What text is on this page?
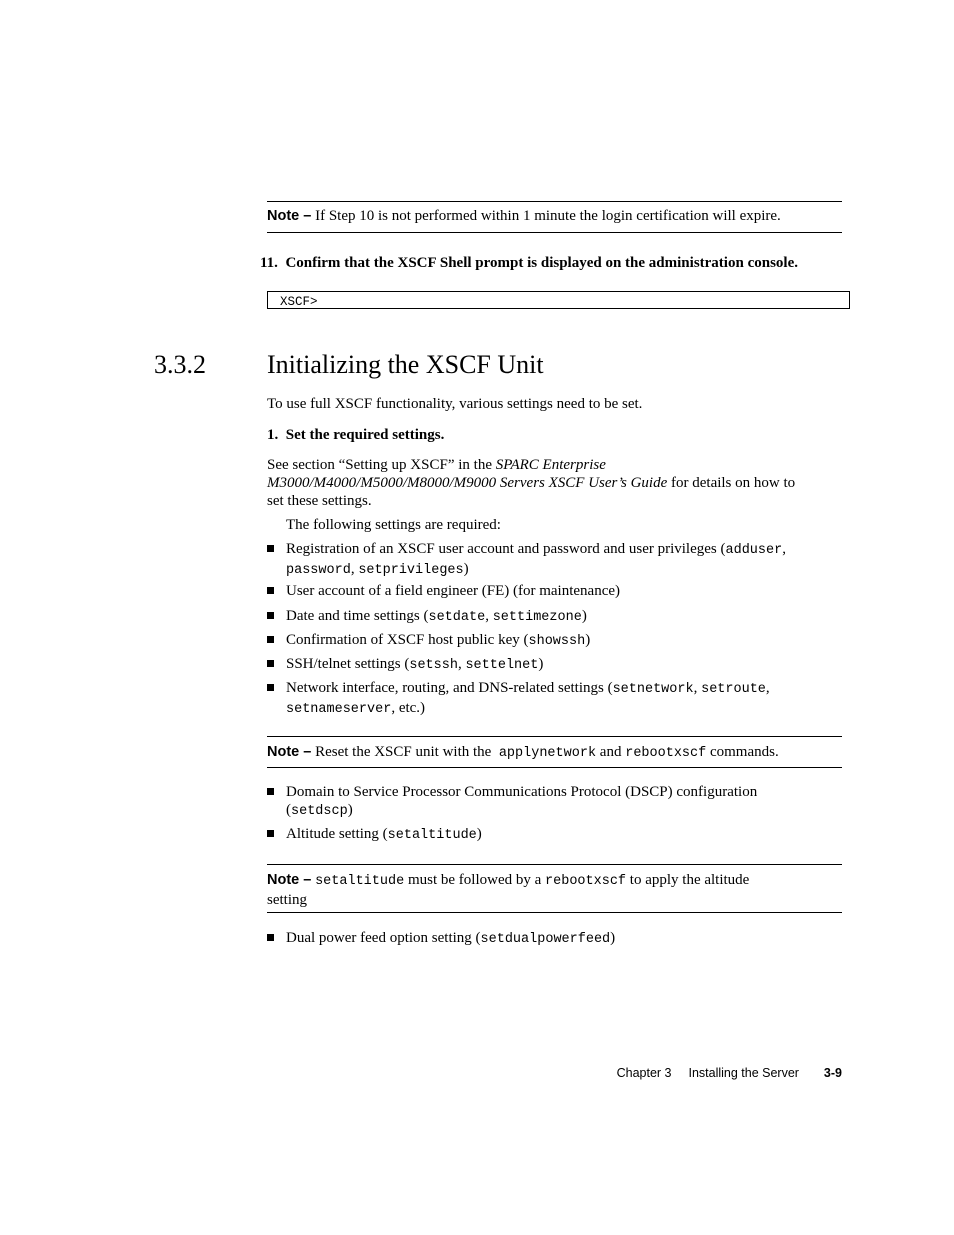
Note – If Step 10 is not performed within 1 minute the login certification will expire.
11. Confirm that the XSCF Shell prompt is displayed on the administration console.
XSCF>
3.3.2 Initializing the XSCF Unit
To use full XSCF functionality, various settings need to be set.
1. Set the required settings.
See section “Setting up XSCF” in the SPARC Enterprise
M3000/M4000/M5000/M8000/M9000 Servers XSCF User’s Guide for details on how to
set these settings.
The following settings are required:
Registration of an XSCF user account and password and user privileges (adduser,
password, setprivileges)
User account of a field engineer (FE) (for maintenance)
Date and time settings (setdate, settimezone)
Confirmation of XSCF host public key (showssh)
SSH/telnet settings (setssh, settelnet)
Network interface, routing, and DNS-related settings (setnetwork, setroute,
setnameserver, etc.)
Note – Reset the XSCF unit with the  applynetwork and rebootxscf commands.
Domain to Service Processor Communications Protocol (DSCP) configuration
(setdscp)
Altitude setting (setaltitude)
Note – setaltitude must be followed by a rebootxscf to apply the altitude
setting
Dual power feed option setting (setdualpowerfeed)
Chapter 3 Installing the Server 3-9
